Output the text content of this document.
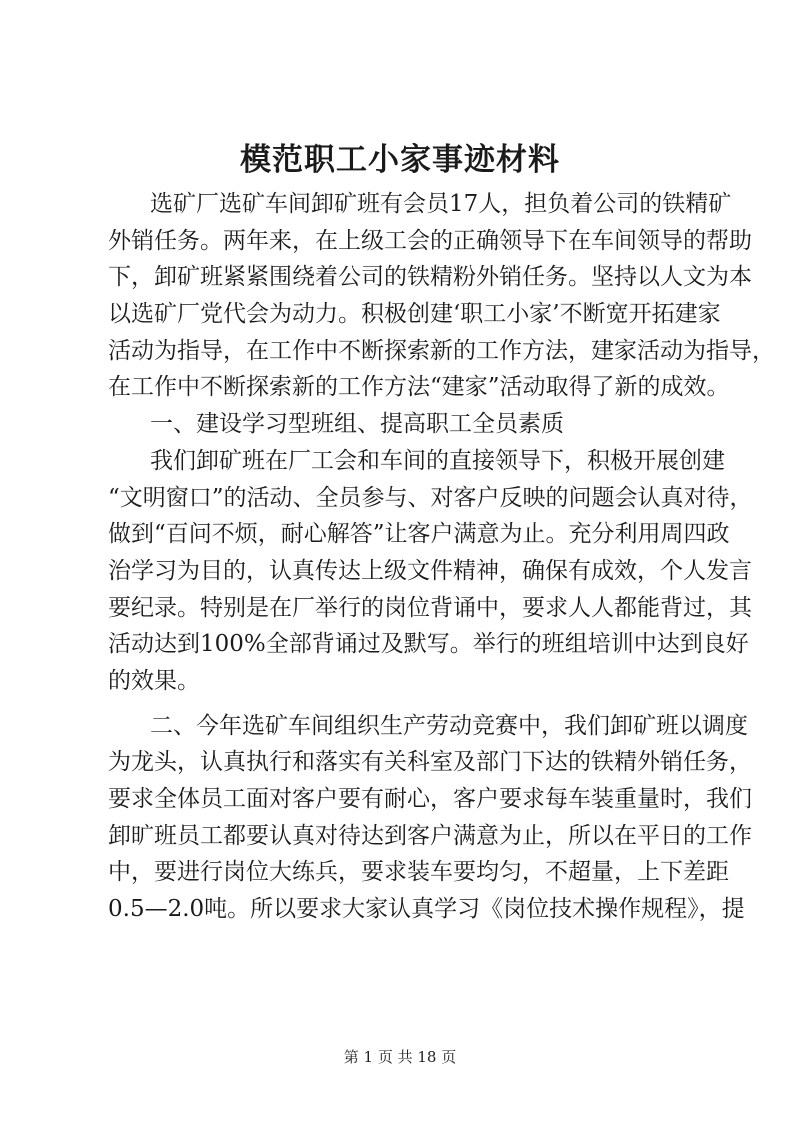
模范职工小家事迹材料
选矿厂选矿车间卸矿班有会员17人，担负着公司的铁精矿
外销任务。两年来，在上级工会的正确领导下在车间领导的帮助
下，卸矿班紧紧围绕着公司的铁精粉外销任务。坚持以人文为本
以选矿厂党代会为动力。积极创建‘职工小家’不断宽开拓建家
活动为指导，在工作中不断探索新的工作方法，建家活动为指导，
在工作中不断探索新的工作方法“建家”活动取得了新的成效。
一、建设学习型班组、提高职工全员素质
我们卸矿班在厂工会和车间的直接领导下，积极开展创建
“文明窗口”的活动、全员参与、对客户反映的问题会认真对待，
做到“百问不烦，耐心解答”让客户满意为止。充分利用周四政
治学习为目的，认真传达上级文件精神，确保有成效，个人发言
要纪录。特别是在厂举行的岗位背诵中，要求人人都能背过，其
活动达到100%全部背诵过及默写。举行的班组培训中达到良好
的效果。
二、今年选矿车间组织生产劳动竞赛中，我们卸矿班以调度
为龙头，认真执行和落实有关科室及部门下达的铁精外销任务，
要求全体员工面对客户要有耐心，客户要求每车装重量时，我们
卸旷班员工都要认真对待达到客户满意为止，所以在平日的工作
中，要进行岗位大练兵，要求装车要均匀，不超量，上下差距
0.5—2.0吨。所以要求大家认真学习《岗位技术操作规程》，提
第 1 页 共 18 页
